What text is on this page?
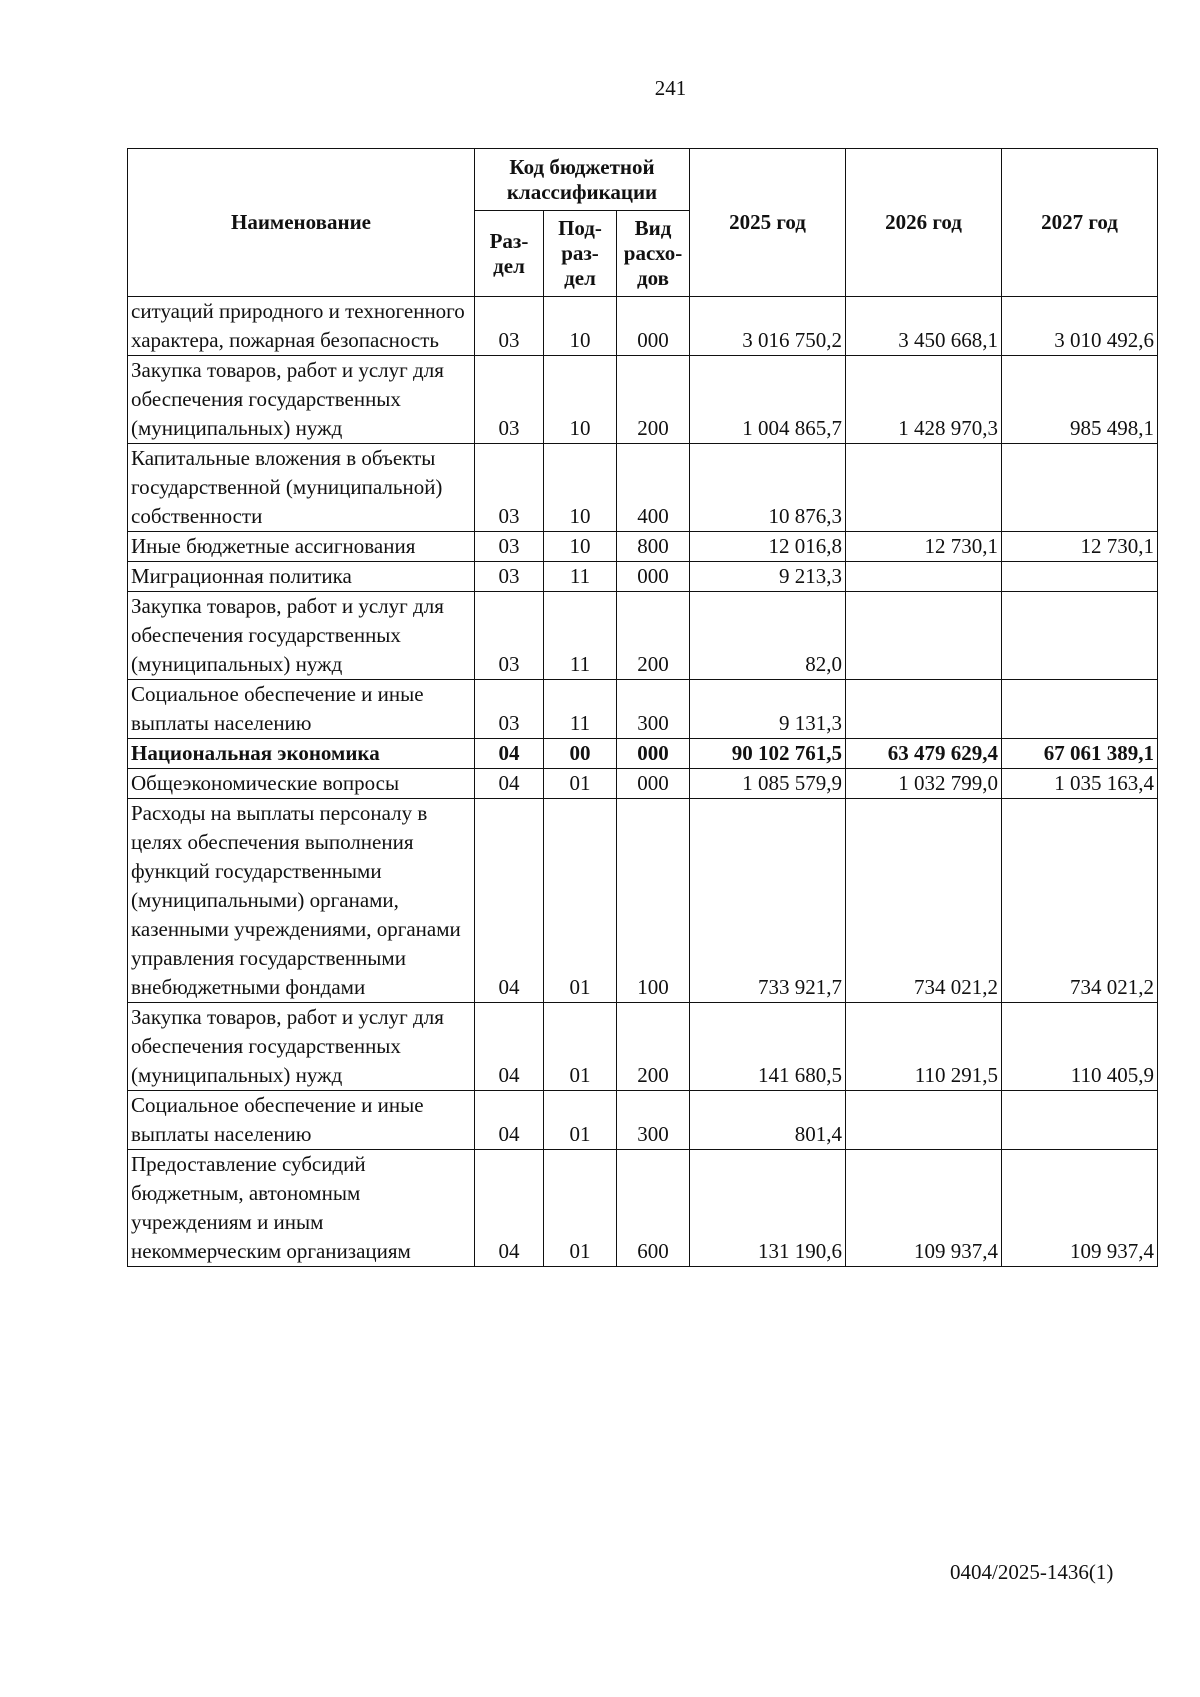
241
Наименование	Код бюджетной классификации			2025 год	2026 год	2027 год
	Раз-дел	Под-раз-дел	Вид расхо-дов			
ситуаций природного и техногенного характера, пожарная безопасность	03	10	000	3 016 750,2	3 450 668,1	3 010 492,6
Закупка товаров, работ и услуг для обеспечения государственных (муниципальных) нужд	03	10	200	1 004 865,7	1 428 970,3	985 498,1
Капитальные вложения в объекты государственной (муниципальной) собственности	03	10	400	10 876,3		
Иные бюджетные ассигнования	03	10	800	12 016,8	12 730,1	12 730,1
Миграционная политика	03	11	000	9 213,3		
Закупка товаров, работ и услуг для обеспечения государственных (муниципальных) нужд	03	11	200	82,0		
Социальное обеспечение и иные выплаты населению	03	11	300	9 131,3		
Национальная экономика	04	00	000	90 102 761,5	63 479 629,4	67 061 389,1
Общеэкономические вопросы	04	01	000	1 085 579,9	1 032 799,0	1 035 163,4
Расходы на выплаты персоналу в целях обеспечения выполнения функций государственными (муниципальными) органами, казенными учреждениями, органами управления государственными внебюджетными фондами	04	01	100	733 921,7	734 021,2	734 021,2
Закупка товаров, работ и услуг для обеспечения государственных (муниципальных) нужд	04	01	200	141 680,5	110 291,5	110 405,9
Социальное обеспечение и иные выплаты населению	04	01	300	801,4		
Предоставление субсидий бюджетным, автономным учреждениям и иным некоммерческим организациям	04	01	600	131 190,6	109 937,4	109 937,4
0404/2025-1436(1)
